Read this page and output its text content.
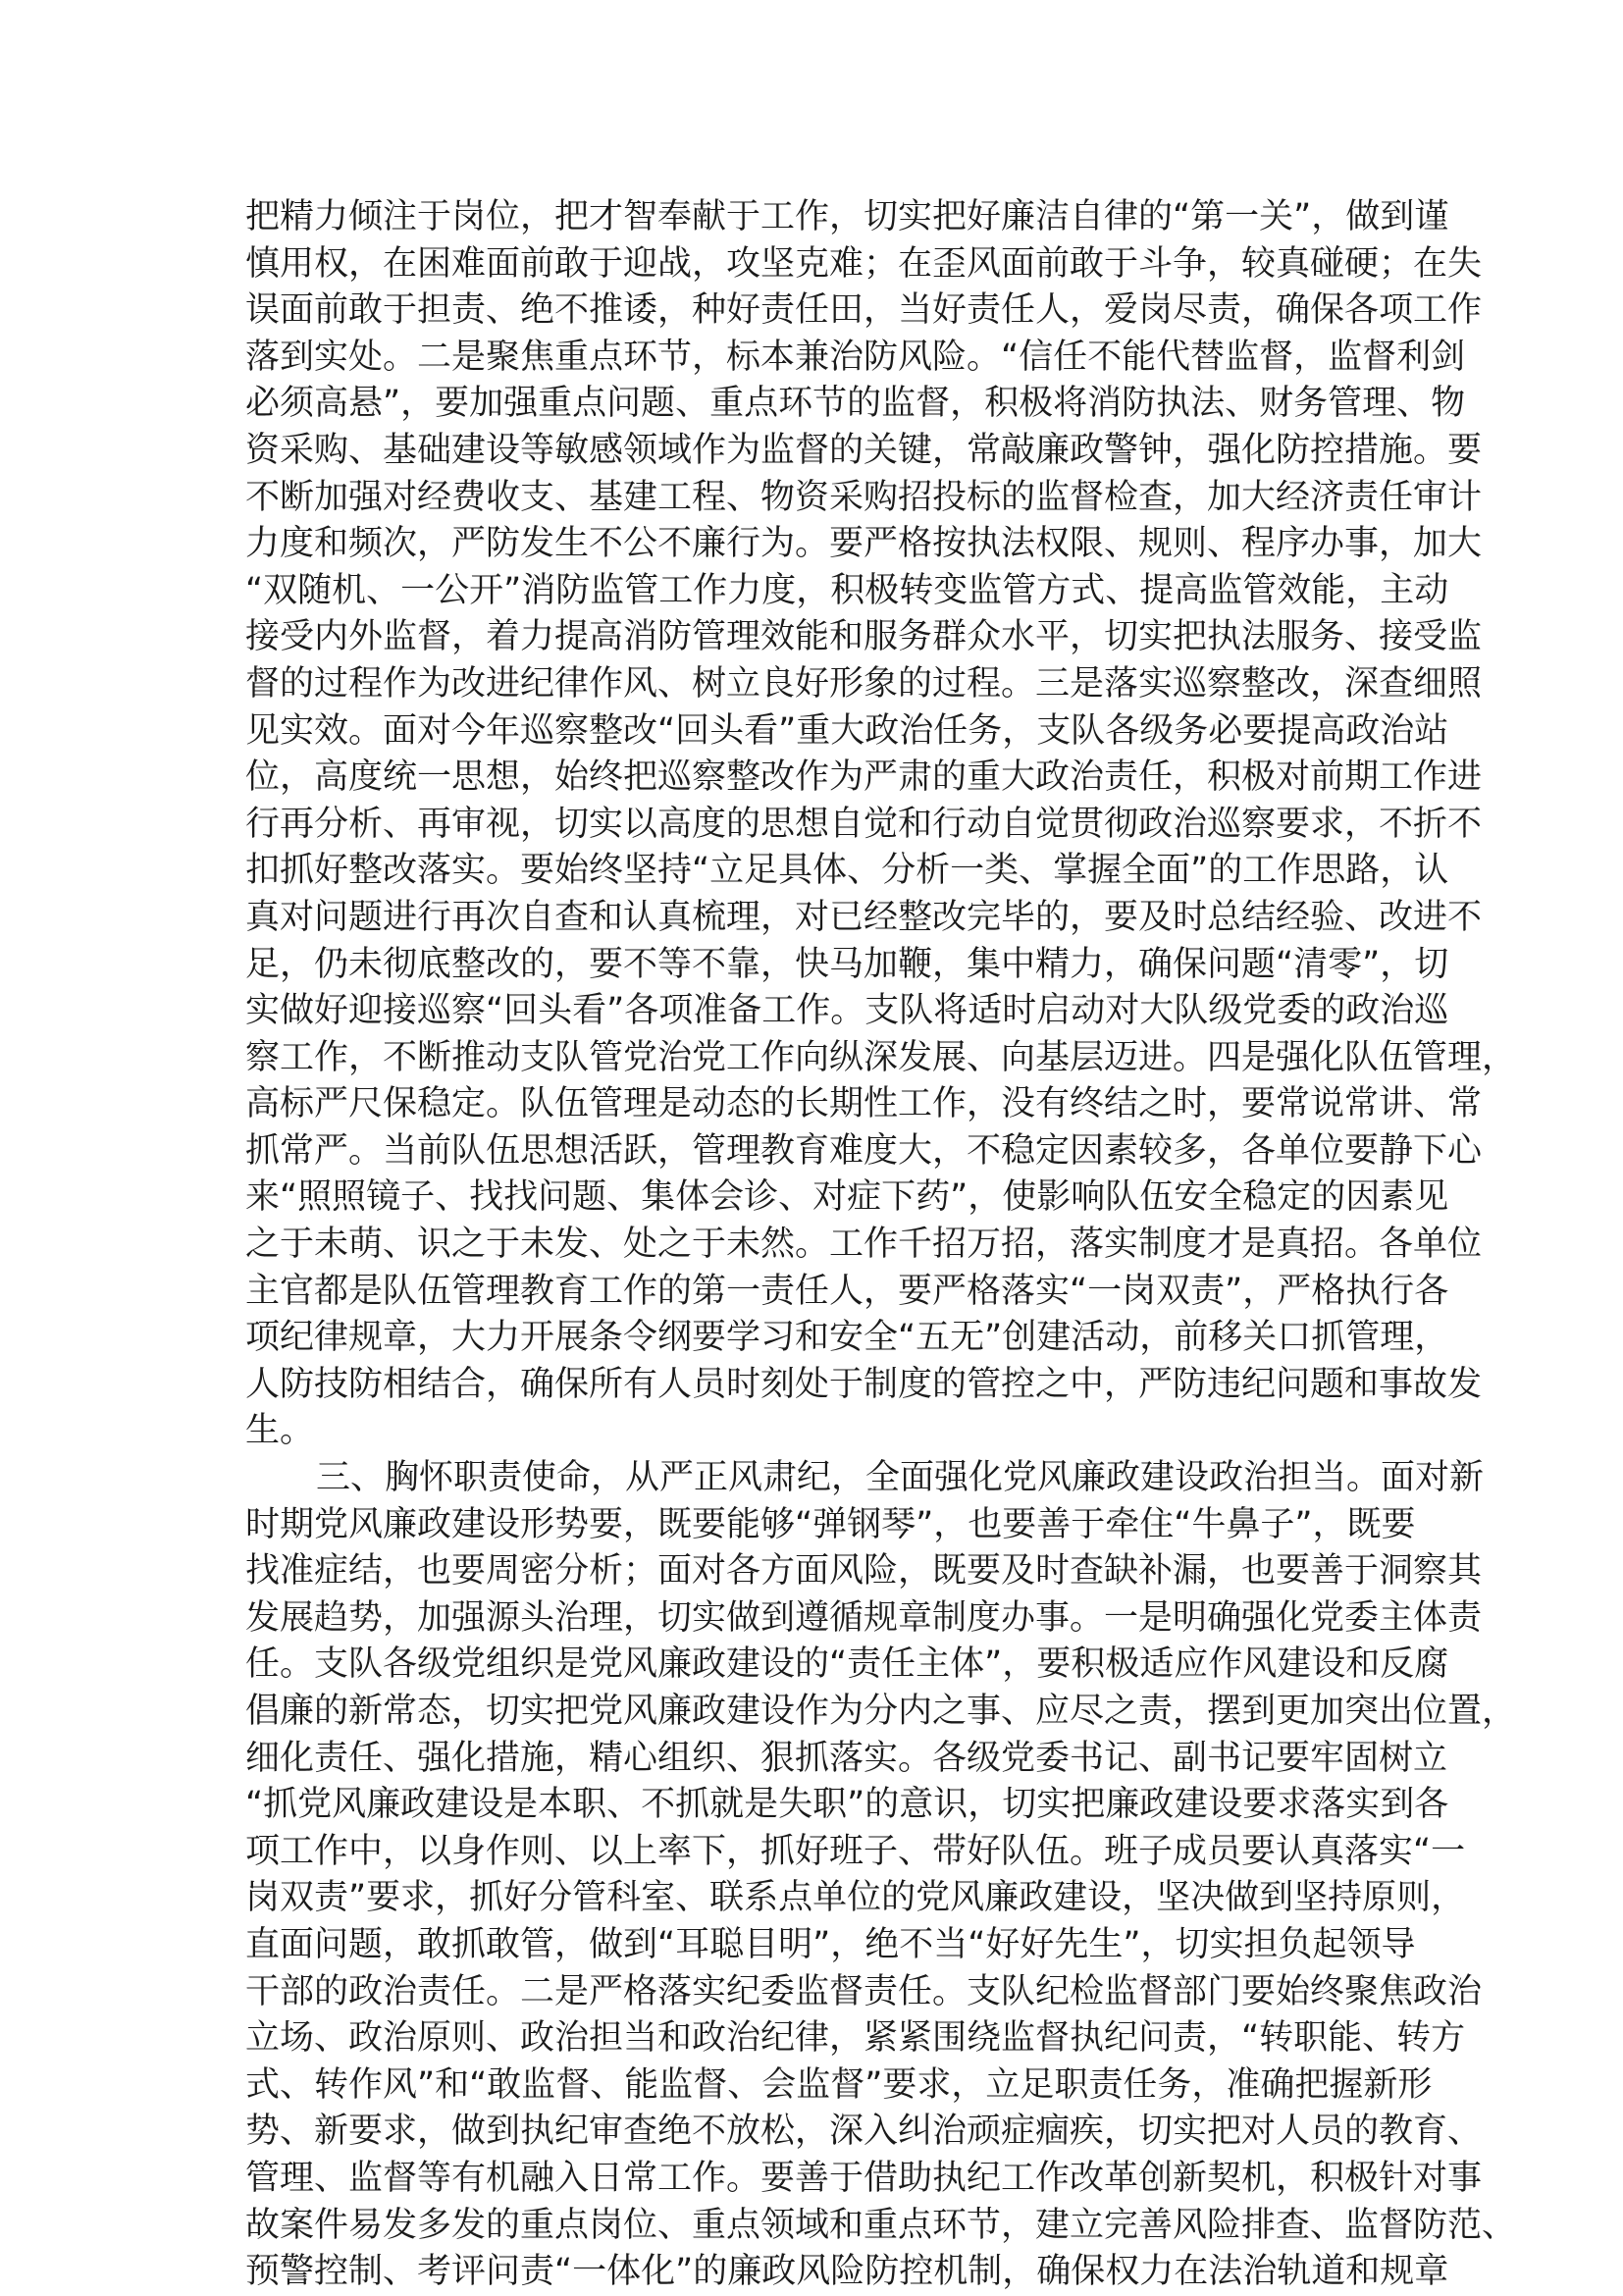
把精力倾注于岗位，把才智奉献于工作，切实把好廉洁自律的“第一关”，做到谨
慎用权，在困难面前敢于迎战，攻坚克难；在歪风面前敢于斗争，较真碰硬；在失
误面前敢于担责、绝不推诿，种好责任田，当好责任人，爱岗尽责，确保各项工作
落到实处。二是聚焦重点环节，标本兼治防风险。“信任不能代替监督，监督利剑
必须高悬”，要加强重点问题、重点环节的监督，积极将消防执法、财务管理、物
资采购、基础建设等敏感领域作为监督的关键，常敲廉政警钟，强化防控措施。要
不断加强对经费收支、基建工程、物资采购招投标的监督检查，加大经济责任审计
力度和频次，严防发生不公不廉行为。要严格按执法权限、规则、程序办事，加大
“双随机、一公开”消防监管工作力度，积极转变监管方式、提高监管效能，主动
接受内外监督，着力提高消防管理效能和服务群众水平，切实把执法服务、接受监
督的过程作为改进纪律作风、树立良好形象的过程。三是落实巡察整改，深查细照
见实效。面对今年巡察整改“回头看”重大政治任务，支队各级务必要提高政治站
位，高度统一思想，始终把巡察整改作为严肃的重大政治责任，积极对前期工作进
行再分析、再审视，切实以高度的思想自觉和行动自觉贯彻政治巡察要求，不折不
扣抓好整改落实。要始终坚持“立足具体、分析一类、掌握全面”的工作思路，认
真对问题进行再次自查和认真梳理，对已经整改完毕的，要及时总结经验、改进不
足，仍未彻底整改的，要不等不靠，快马加鞭，集中精力，确保问题“清零”，切
实做好迎接巡察“回头看”各项准备工作。支队将适时启动对大队级党委的政治巡
察工作，不断推动支队管党治党工作向纵深发展、向基层迈进。四是强化队伍管理，
高标严尺保稳定。队伍管理是动态的长期性工作，没有终结之时，要常说常讲、常
抓常严。当前队伍思想活跃，管理教育难度大，不稳定因素较多，各单位要静下心
来“照照镜子、找找问题、集体会诊、对症下药”，使影响队伍安全稳定的因素见
之于未萌、识之于未发、处之于未然。工作千招万招，落实制度才是真招。各单位
主官都是队伍管理教育工作的第一责任人，要严格落实“一岗双责”，严格执行各
项纪律规章，大力开展条令纲要学习和安全“五无”创建活动，前移关口抓管理，
人防技防相结合，确保所有人员时刻处于制度的管控之中，严防违纪问题和事故发
生。
三、胸怀职责使命，从严正风肃纪，全面强化党风廉政建设政治担当。面对新
时期党风廉政建设形势要，既要能够“弹钢琴”，也要善于牵住“牛鼻子”，既要
找准症结，也要周密分析；面对各方面风险，既要及时查缺补漏，也要善于洞察其
发展趋势，加强源头治理，切实做到遵循规章制度办事。一是明确强化党委主体责
任。支队各级党组织是党风廉政建设的“责任主体”，要积极适应作风建设和反腐
倡廉的新常态，切实把党风廉政建设作为分内之事、应尽之责，摆到更加突出位置，
细化责任、强化措施，精心组织、狠抓落实。各级党委书记、副书记要牢固树立
“抓党风廉政建设是本职、不抓就是失职”的意识，切实把廉政建设要求落实到各
项工作中，以身作则、以上率下，抓好班子、带好队伍。班子成员要认真落实“一
岗双责”要求，抓好分管科室、联系点单位的党风廉政建设，坚决做到坚持原则，
直面问题，敢抓敢管，做到“耳聪目明”，绝不当“好好先生”，切实担负起领导
干部的政治责任。二是严格落实纪委监督责任。支队纪检监督部门要始终聚焦政治
立场、政治原则、政治担当和政治纪律，紧紧围绕监督执纪问责，“转职能、转方
式、转作风”和“敢监督、能监督、会监督”要求，立足职责任务，准确把握新形
势、新要求，做到执纪审查绝不放松，深入纠治顽症痼疾，切实把对人员的教育、
管理、监督等有机融入日常工作。要善于借助执纪工作改革创新契机，积极针对事
故案件易发多发的重点岗位、重点领域和重点环节，建立完善风险排查、监督防范、
预警控制、考评问责“一体化”的廉政风险防控机制，确保权力在法治轨道和规章
